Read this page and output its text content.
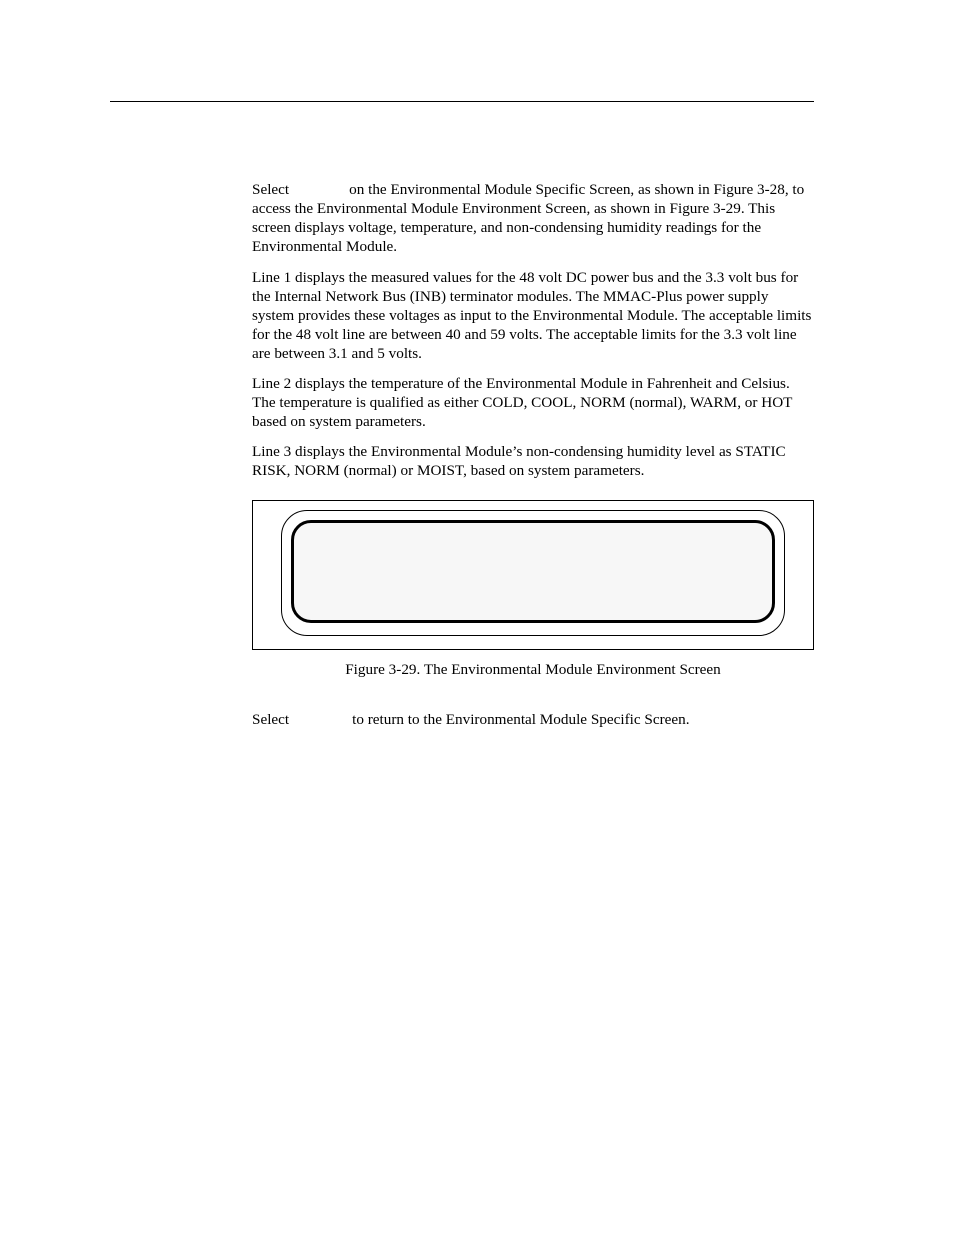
Select	on the Environmental Module Specific Screen, as shown in Figure 3-28, to access the Environmental Module Environment Screen, as shown in Figure 3-29. This screen displays voltage, temperature, and non-condensing humidity readings for the Environmental Module.

Line 1 displays the measured values for the 48 volt DC power bus and the 3.3 volt bus for the Internal Network Bus (INB) terminator modules. The MMAC-Plus power supply system provides these voltages as input to the Environmental Module. The acceptable limits for the 48 volt line are between 40 and 59 volts. The acceptable limits for the 3.3 volt line are between 3.1 and 5 volts.

Line 2 displays the temperature of the Environmental Module in Fahrenheit and Celsius. The temperature is qualified as either COLD, COOL, NORM (normal), WARM, or HOT based on system parameters.

Line 3 displays the Environmental Module’s non-condensing humidity level as STATIC RISK, NORM (normal) or MOIST, based on system parameters.

Figure 3-29. The Environmental Module Environment Screen

Select	to return to the Environmental Module Specific Screen.
